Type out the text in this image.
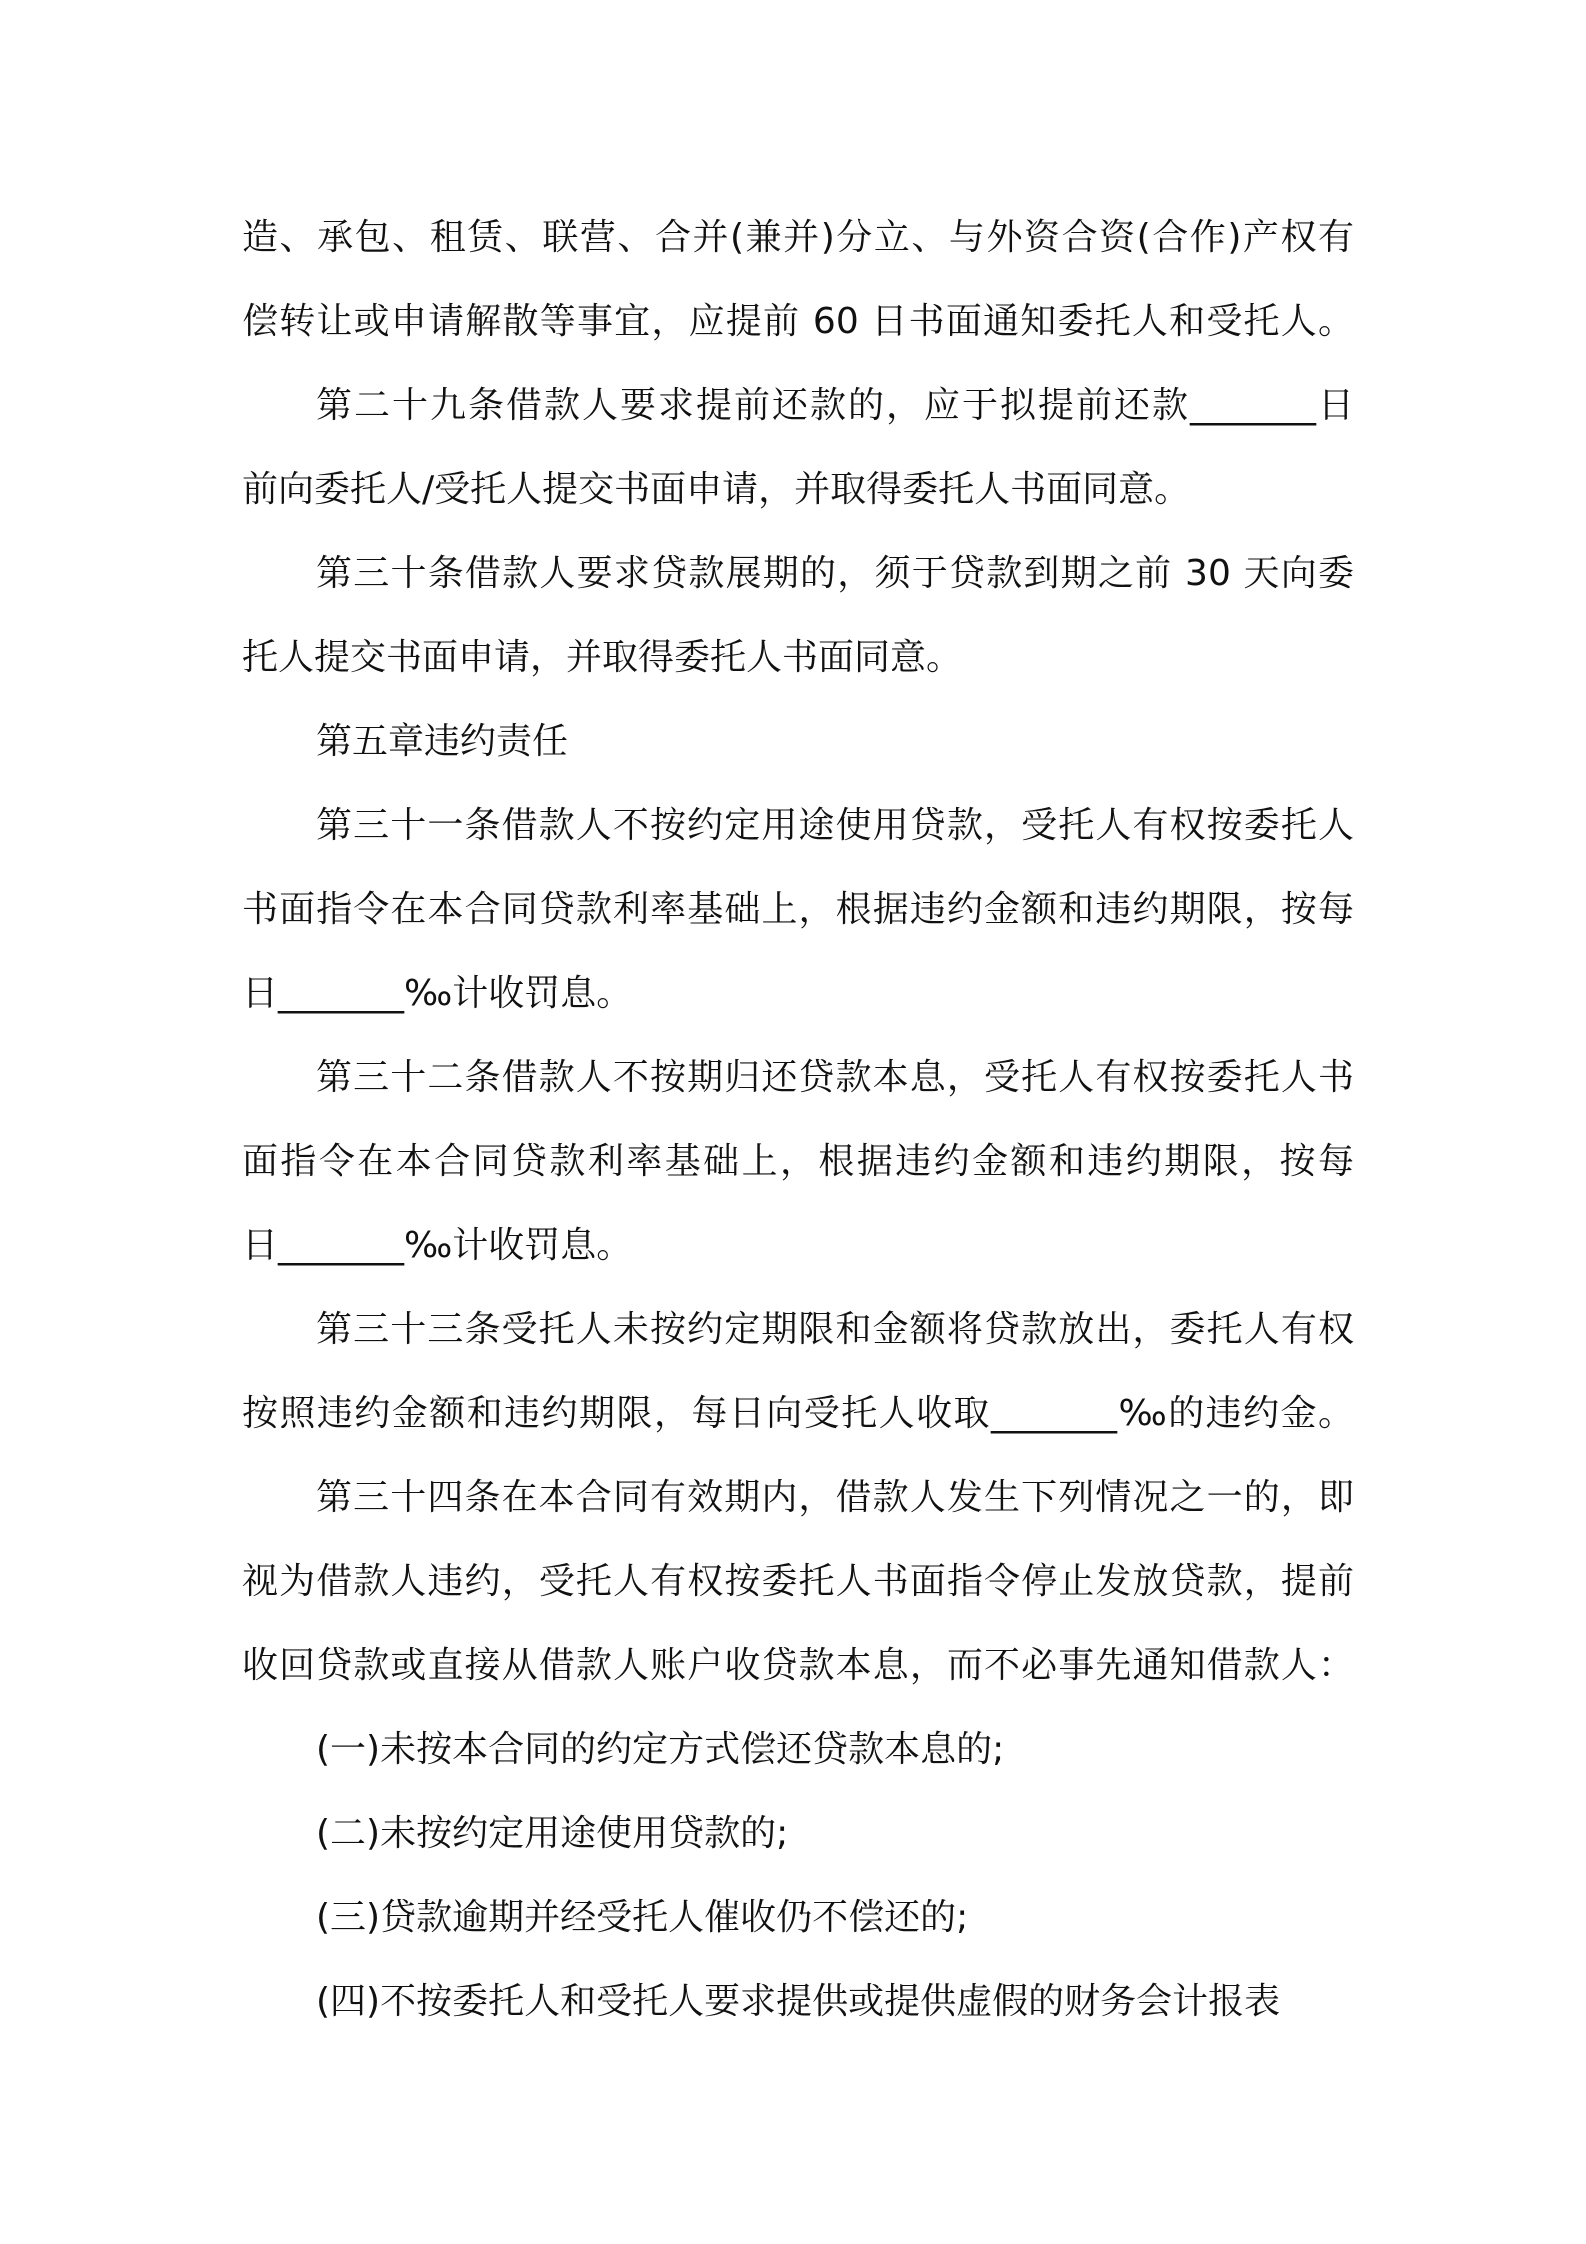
造、承包、租赁、联营、合并(兼并)分立、与外资合资(合作)产权有
偿转让或申请解散等事宜，应提前 60 日书面通知委托人和受托人。
第二十九条借款人要求提前还款的，应于拟提前还款_______日
前向委托人/受托人提交书面申请，并取得委托人书面同意。
第三十条借款人要求贷款展期的，须于贷款到期之前 30 天向委
托人提交书面申请，并取得委托人书面同意。
第五章违约责任
第三十一条借款人不按约定用途使用贷款，受托人有权按委托人
书面指令在本合同贷款利率基础上，根据违约金额和违约期限，按每
日_______‰计收罚息。
第三十二条借款人不按期归还贷款本息，受托人有权按委托人书
面指令在本合同贷款利率基础上，根据违约金额和违约期限，按每
日_______‰计收罚息。
第三十三条受托人未按约定期限和金额将贷款放出，委托人有权
按照违约金额和违约期限，每日向受托人收取_______‰的违约金。
第三十四条在本合同有效期内，借款人发生下列情况之一的，即
视为借款人违约，受托人有权按委托人书面指令停止发放贷款，提前
收回贷款或直接从借款人账户收贷款本息，而不必事先通知借款人：
(一)未按本合同的约定方式偿还贷款本息的;
(二)未按约定用途使用贷款的;
(三)贷款逾期并经受托人催收仍不偿还的;
(四)不按委托人和受托人要求提供或提供虚假的财务会计报表
